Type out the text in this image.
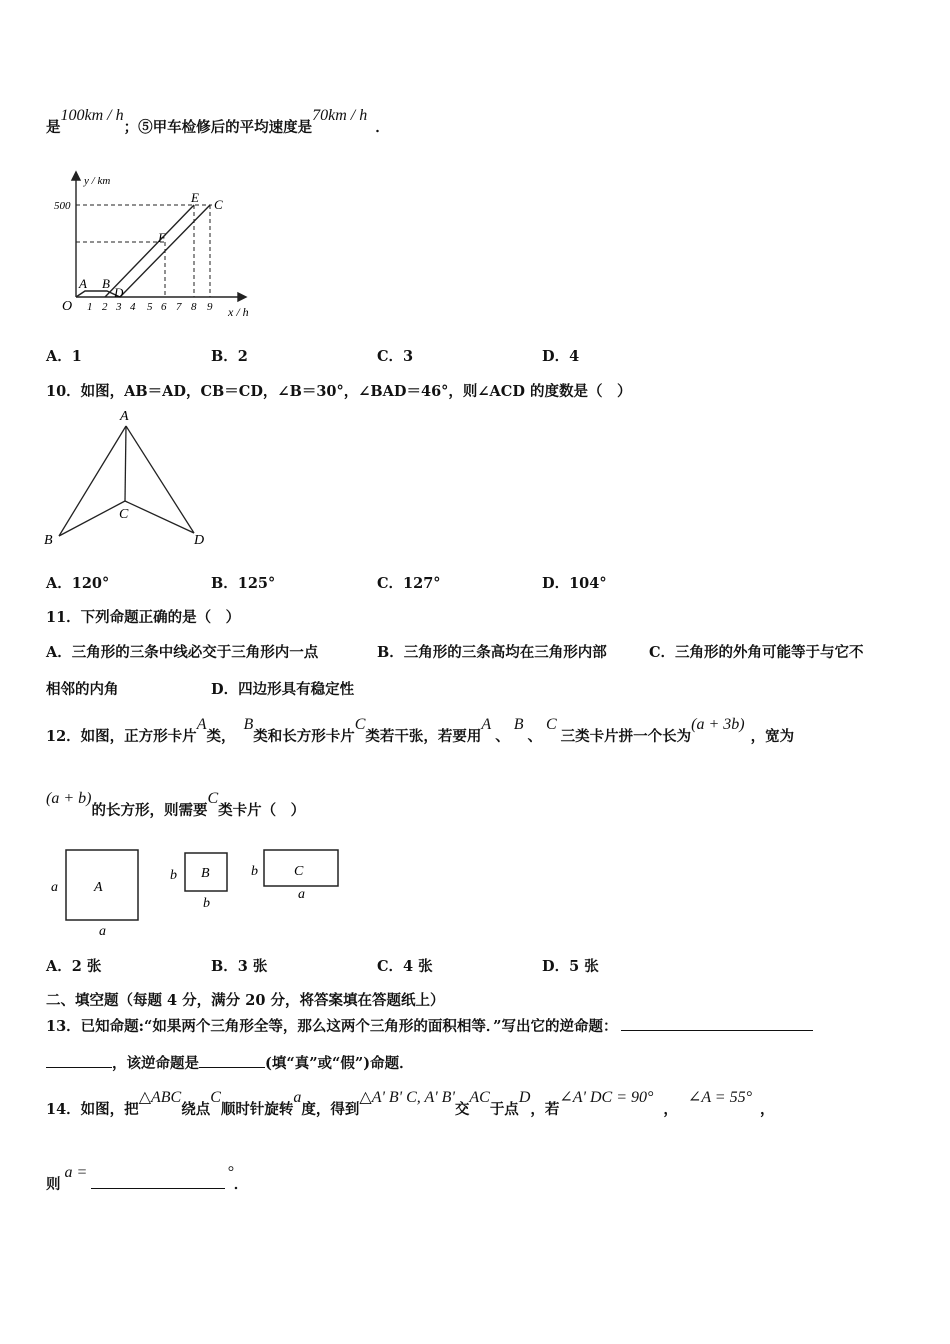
是100km / h；⑤甲车检修后的平均速度是70km / h．
y / km
500
x / h
O
A B
D
F
E C
1 2 3 4 5 6 7 8 9
A．1	B．2	C．3	D．4
10．如图，AB＝AD，CB＝CD，∠B＝30°，∠BAD＝46°，则∠ACD 的度数是（　）
A
B
C
D
A．120°	B．125°	C．127°	D．104°
11．下列命题正确的是（　）
A．三角形的三条中线必交于三角形内一点	B．三角形的三条高均在三角形内部	C．三角形的外角可能等于与它不
相邻的内角	D．四边形具有稳定性
12．如图，正方形卡片A类，B类和长方形卡片C类若干张，若要用A、B、C三类卡片拼一个长为(a + 3b)，宽为
(a + b)的长方形，则需要C类卡片（　）
a	A
a
b B
b
b	C
a
A．2 张	B．3 张	C．4 张	D．5 张
二、填空题（每题 4 分，满分 20 分，将答案填在答题纸上）
13．已知命题:“如果两个三角形全等，那么这两个三角形的面积相等．”写出它的逆命题：
，该逆命题是	(填“真”或“假”)命题．
14．如图，把△ABC绕点C顺时针旋转a度，得到△A' B' C, A' B'交AC于点D，若∠A' DC = 90°，∠A = 55°，
则a =	°．
